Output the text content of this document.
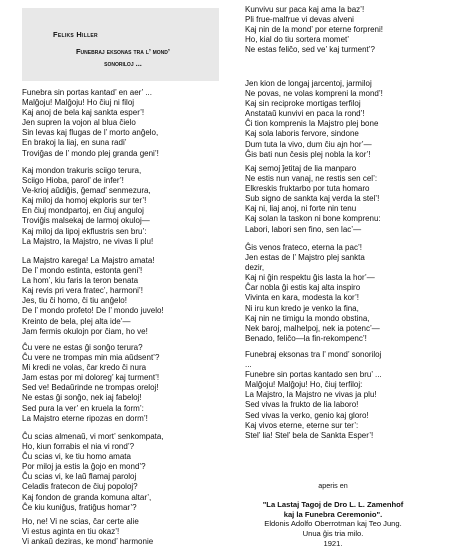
Feliks Hiller
Funebraj eksonas tra l’ mond’
sonoriloj ...

Funebra sin portas kantad’ en aer’ ...
Malĝoju! Malĝoju! Ho ĉiuj ni filoj
Kaj anoj de bela kaj sankta esper’!
Jen supren la vojon al blua ĉielo
Sin levas kaj flugas de l’ morto anĝelo,
En brakoj la liaj, en suna radi’
Troviĝas de l’ mondo plej granda geni’!

Kaj mondon trakuris sciigo terura,
Sciigo Hioba, parol’ de infer’!
Ve-krioj aŭdiĝis, ĝemad’ senmezura,
Kaj miloj da homoj ekploris sur ter’!
En ĉiuj mondpartoj, en ĉiuj anguloj
Troviĝis malsekaj de larmoj okuloj—
Kaj miloj da lipoj ekflustris sen bru’:
La Majstro, la Majstro, ne vivas li plu!

La Majstro karega! La Majstro amata!
De l’ mondo estinta, estonta geni’!
La hom’, kiu faris la teron benata
Kaj revis pri vera fratec’, harmoni’!
Jes, tiu ĉi homo, ĉi tiu anĝelo!
De l’ mondo profeto! De l’ mondo juvelo!
Kreinto de bela, plej alta ide’—
Jam fermis okulojn por ĉiam, ho ve!

Ĉu vere ne estas ĝi sonĝo terura?
Ĉu vere ne trompas min mia aŭdsent’?
Mi kredi ne volas, ĉar kredo ĉi nura
Jam estas por mi doloreg’ kaj turment’!
Sed ve! Bedaŭrinde ne trompas oreloj!
Ne estas ĝi sonĝo, nek iaj fabeloj!
Sed pura la ver’ en kruela la form’:
La Majstro eterne ripozas en dorm’!

Ĉu scias almenaŭ, vi mort’ senkompata,
Ho, kiun forrabis el nia vi rond’?
Ĉu scias vi, ke tiu homo amata
Por miloj ja estis la ĝojo en mond’?
Ĉu scias vi, ke laŭ flamaj paroloj
Celadis fratecon de ĉiuj popoloj?
Kaj fondon de granda komuna altar’,
Ĉe kiu kuniĝus, fratiĝus homar’?

Ho, ne! Vi ne scias, ĉar certe alie
Vi estus aginta en tiu okaz’!
Vi ankaŭ deziras, ke mond’ harmonie

Kunvivu sur paca kaj ama la baz’!
Pli frue-malfrue vi devas alveni
Kaj nin de la mond’ por eterne forpreni!
Ho, kial do tiu sortera momet’
Ne estas feliĉo, sed ve’ kaj turment’?

Jen kion de longaj jarcentoj, jarmiloj
Ne povas, ne volas kompreni la mond’!
Kaj sin reciproke mortigas terfiloj
Anstataŭ kunvivi en paca la rond’!
Ĉi tion komprenis la Majstro plej bone
Kaj sola laboris fervore, sindone
Dum tuta la vivo, dum ĉiu ajn hor’—
Ĝis bati nun ĉesis plej nobla la kor’!

Kaj semoj ĵetitaj de lia manparo
Ne estis nun vanaj, ne restis sen cel’:
Elkreskis fruktarbo por tuta homaro
Sub signo de sankta kaj verda la stel’!
Kaj ni, liaj anoj, ni forte nin tenu
Kaj solan la taskon ni bone komprenu:
Labori, labori sen fino, sen lac’—

Ĝis venos frateco, eterna la pac’!
Jen estas de l’ Majstro plej sankta
dezir,
Kaj ni ĝin respektu ĝis lasta la hor’—
Ĉar nobla ĝi estis kaj alta inspiro
Vivinta en kara, modesta la kor’!
Ni iru kun kredo je venko la fina,
Kaj nin ne timigu la mondo obstina,
Nek baroj, malhelpoj, nek ia potenc’—
Benado, feliĉo—la fin-rekompenc’!

Funebraj eksonas tra l’ mond’ sonoriloj
...
Funebre sin portas kantado sen bru’ ...
Malĝoju! Malĝoju! Ho, ĉiuj terfiloj:
La Majstro, la Majstro ne vivas ja plu!
Sed vivas la frukto de lia laboro!
Sed vivas la verko, genio kaj gloro!
Kaj vivos eterne, eterne sur ter’:
Stel’ lia! Stel’ bela de Sankta Esper’!

aperis en
"La Lastaj Tagoj de Dro L. L. Zamenhof
kaj la Funebra Ceremonio".
Eldonis Adolfo Oberrotman kaj Teo Jung.
Unua ĝis tria milo.
1921.
